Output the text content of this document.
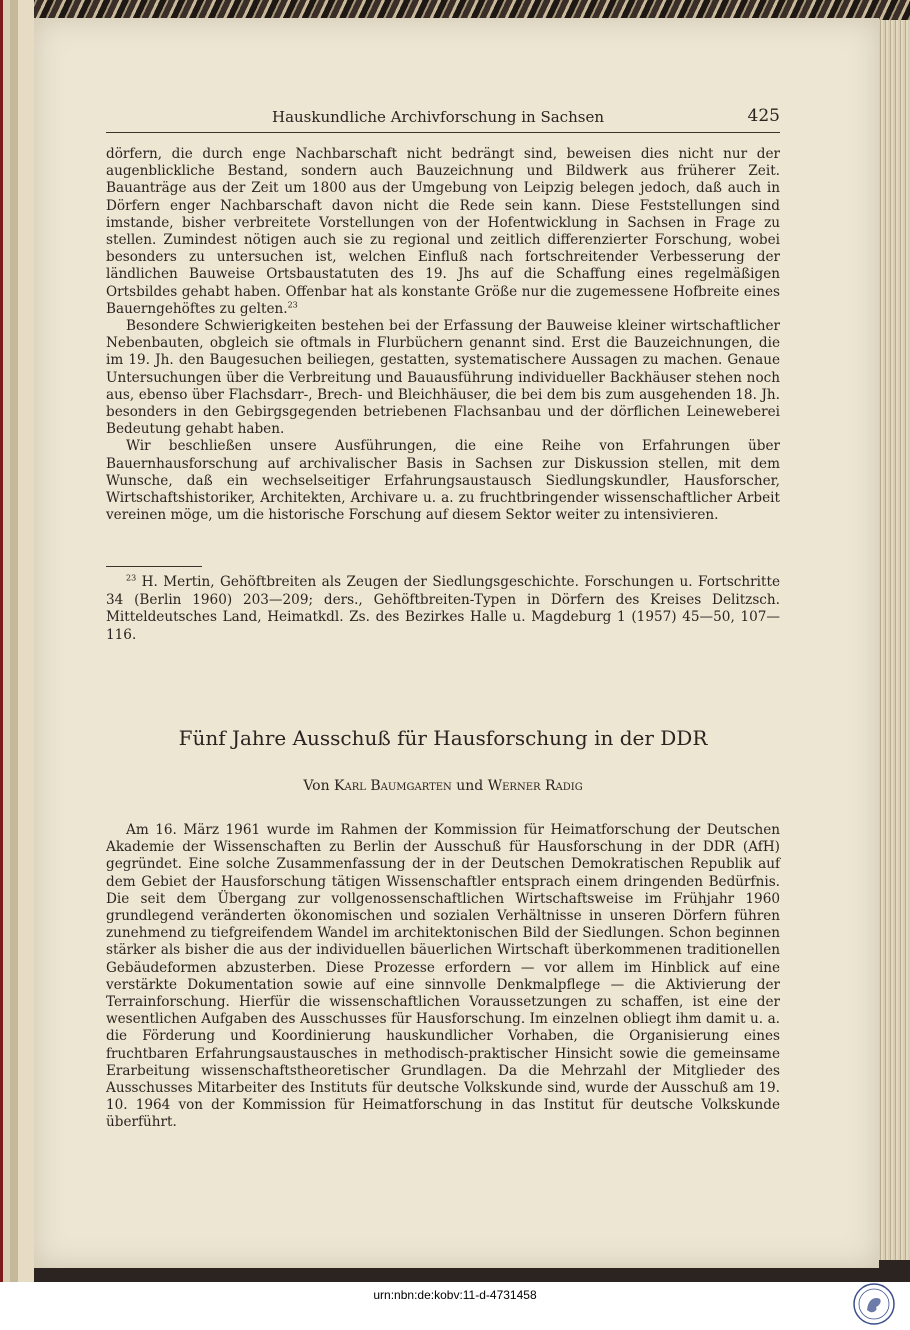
Hauskundliche Archivforschung in Sachsen	425

dörfern, die durch enge Nachbarschaft nicht bedrängt sind, beweisen dies nicht nur der augenblickliche Bestand, sondern auch Bauzeichnung und Bildwerk aus früherer Zeit. Bauanträge aus der Zeit um 1800 aus der Umgebung von Leipzig belegen jedoch, daß auch in Dörfern enger Nachbarschaft davon nicht die Rede sein kann. Diese Feststellungen sind imstande, bisher verbreitete Vorstellungen von der Hofentwicklung in Sachsen in Frage zu stellen. Zumindest nötigen auch sie zu regional und zeitlich differenzierter Forschung, wobei besonders zu untersuchen ist, welchen Einfluß nach fortschreitender Verbesserung der ländlichen Bauweise Ortsbaustatuten des 19. Jhs auf die Schaffung eines regelmäßigen Ortsbildes gehabt haben. Offenbar hat als konstante Größe nur die zugemessene Hofbreite eines Bauerngehöftes zu gelten.$^{23}$

Besondere Schwierigkeiten bestehen bei der Erfassung der Bauweise kleiner wirtschaftlicher Nebenbauten, obgleich sie oftmals in Flurbüchern genannt sind. Erst die Bauzeichnungen, die im 19. Jh. den Baugesuchen beiliegen, gestatten, systematischere Aussagen zu machen. Genaue Untersuchungen über die Verbreitung und Bauausführung individueller Backhäuser stehen noch aus, ebenso über Flachsdarr-, Brech- und Bleichhäuser, die bei dem bis zum ausgehenden 18. Jh. besonders in den Gebirgsgegenden betriebenen Flachsanbau und der dörflichen Leineweberei Bedeutung gehabt haben.

Wir beschließen unsere Ausführungen, die eine Reihe von Erfahrungen über Bauernhausforschung auf archivalischer Basis in Sachsen zur Diskussion stellen, mit dem Wunsche, daß ein wechselseitiger Erfahrungsaustausch Siedlungskundler, Hausforscher, Wirtschaftshistoriker, Architekten, Archivare u. a. zu fruchtbringender wissenschaftlicher Arbeit vereinen möge, um die historische Forschung auf diesem Sektor weiter zu intensivieren.

$^{23}$ H. Mertin, Gehöftbreiten als Zeugen der Siedlungsgeschichte. Forschungen u. Fortschritte 34 (Berlin 1960) 203—209; ders., Gehöftbreiten-Typen in Dörfern des Kreises Delitzsch. Mitteldeutsches Land, Heimatkdl. Zs. des Bezirkes Halle u. Magdeburg 1 (1957) 45—50, 107—116.

Fünf Jahre Ausschuß für Hausforschung in der DDR
Von Karl Baumgarten und Werner Radig

Am 16. März 1961 wurde im Rahmen der Kommission für Heimatforschung der Deutschen Akademie der Wissenschaften zu Berlin der Ausschuß für Hausforschung in der DDR (AfH) gegründet. Eine solche Zusammenfassung der in der Deutschen Demokratischen Republik auf dem Gebiet der Hausforschung tätigen Wissenschaftler entsprach einem dringenden Bedürfnis. Die seit dem Übergang zur vollgenossenschaftlichen Wirtschaftsweise im Frühjahr 1960 grundlegend veränderten ökonomischen und sozialen Verhältnisse in unseren Dörfern führen zunehmend zu tiefgreifendem Wandel im architektonischen Bild der Siedlungen. Schon beginnen stärker als bisher die aus der individuellen bäuerlichen Wirtschaft überkommenen traditionellen Gebäudeformen abzusterben. Diese Prozesse erfordern — vor allem im Hinblick auf eine verstärkte Dokumentation sowie auf eine sinnvolle Denkmalpflege — die Aktivierung der Terrainforschung. Hierfür die wissenschaftlichen Voraussetzungen zu schaffen, ist eine der wesentlichen Aufgaben des Ausschusses für Hausforschung. Im einzelnen obliegt ihm damit u. a. die Förderung und Koordinierung hauskundlicher Vorhaben, die Organisierung eines fruchtbaren Erfahrungsaustausches in methodisch-praktischer Hinsicht sowie die gemeinsame Erarbeitung wissenschaftstheoretischer Grundlagen. Da die Mehrzahl der Mitglieder des Ausschusses Mitarbeiter des Instituts für deutsche Volkskunde sind, wurde der Ausschuß am 19. 10. 1964 von der Kommission für Heimatforschung in das Institut für deutsche Volkskunde überführt.

urn:nbn:de:kobv:11-d-4731458
